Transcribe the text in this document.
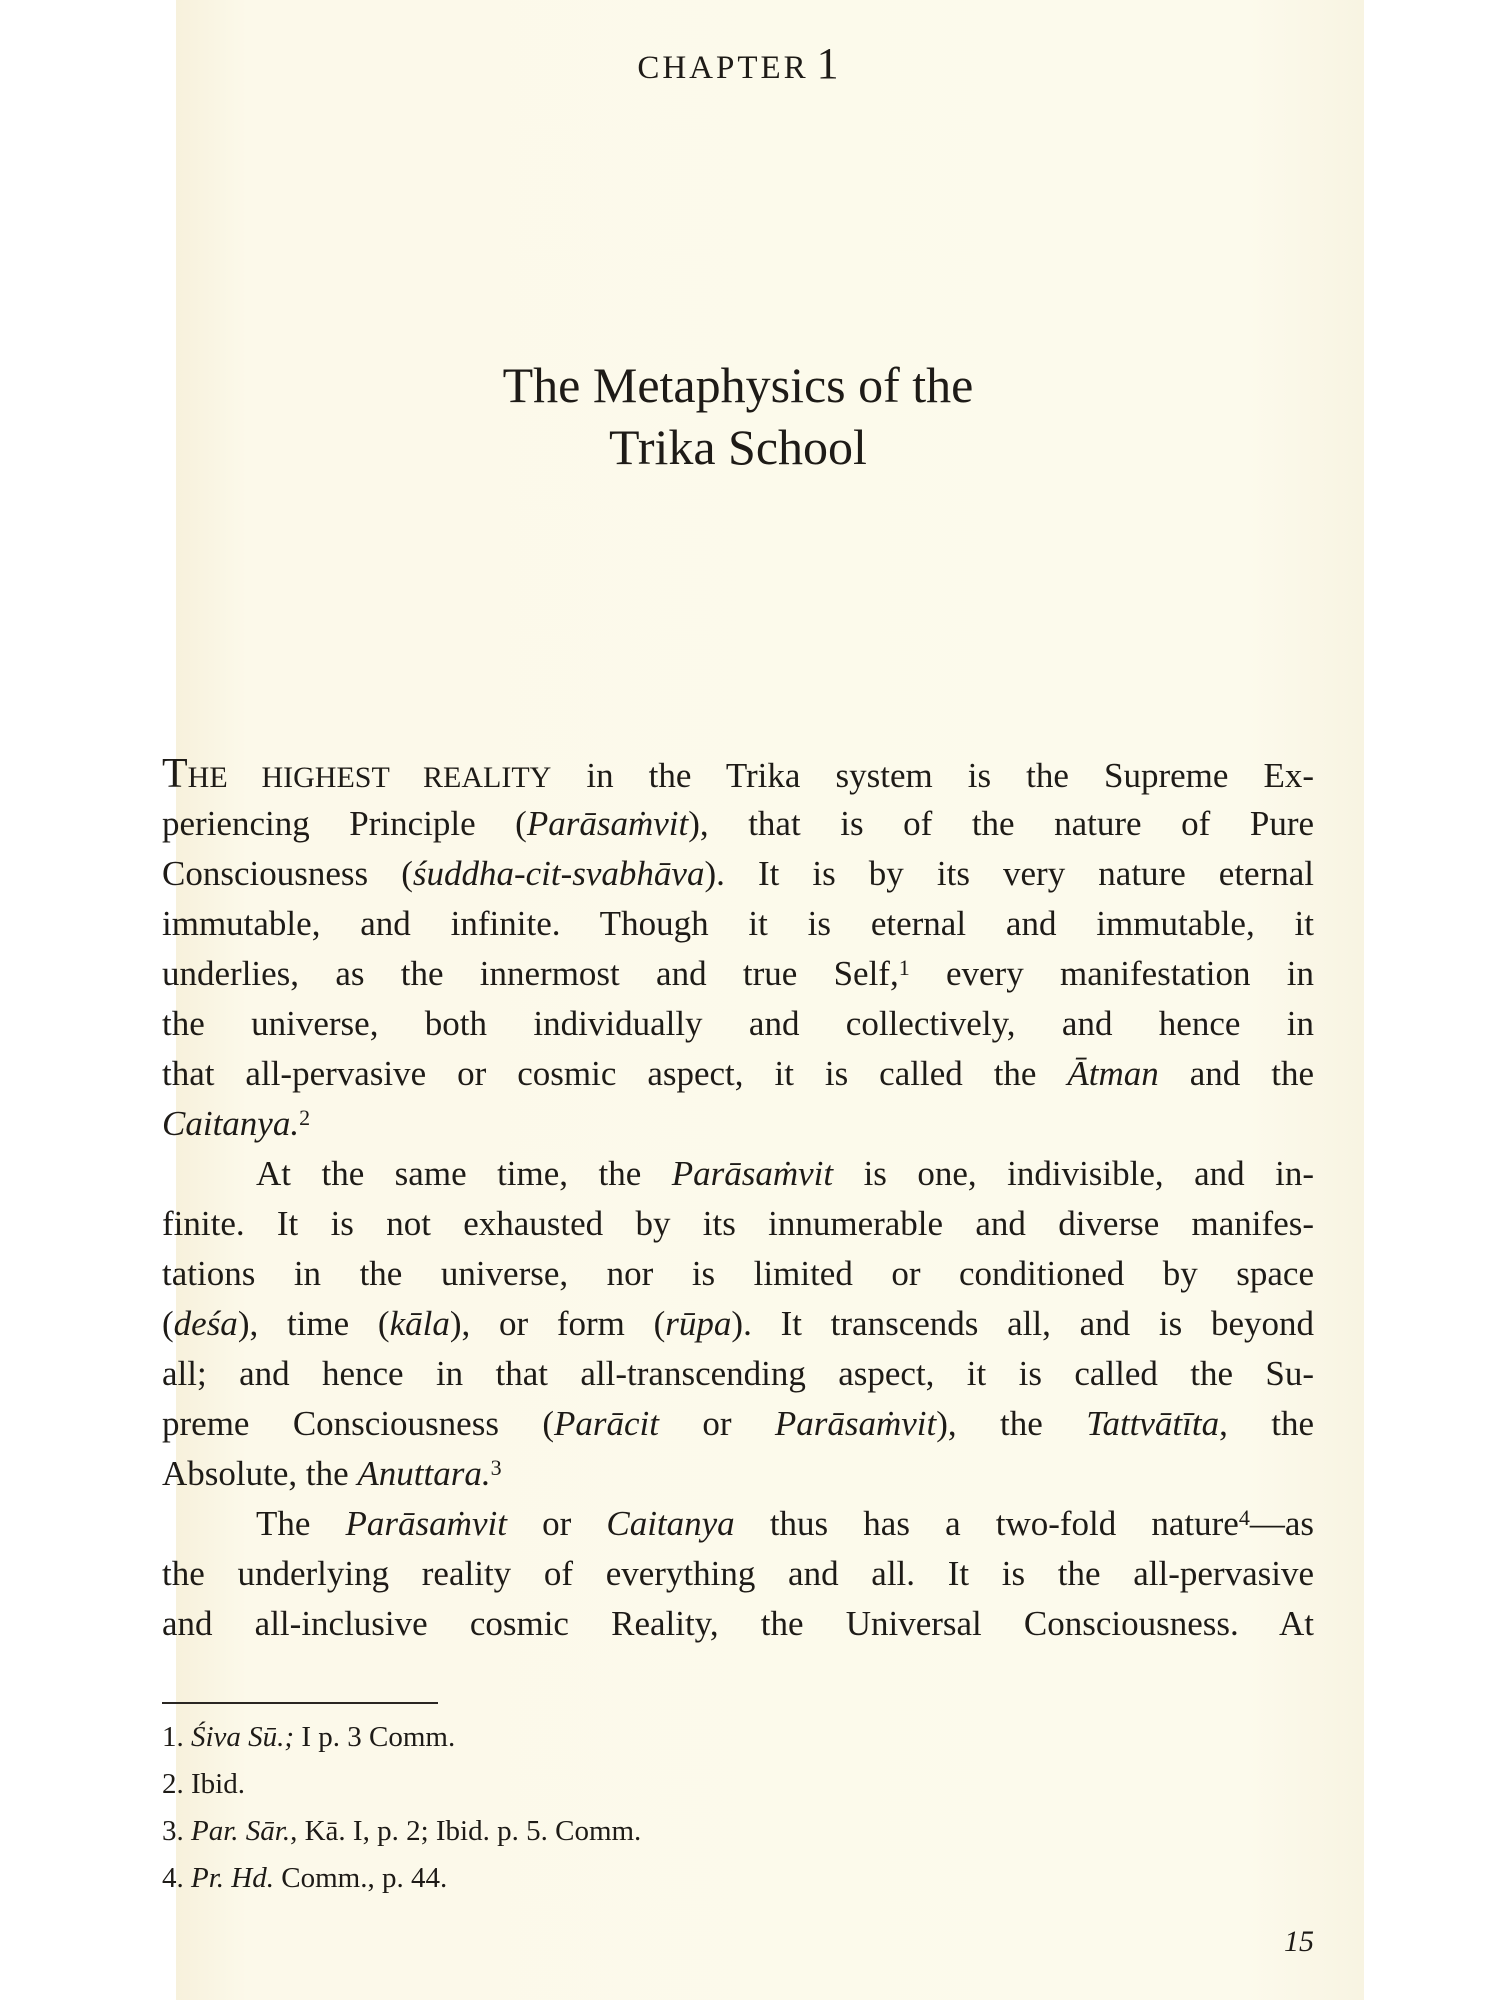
CHAPTER 1
The Metaphysics of the
Trika School
THE HIGHEST REALITY in the Trika system is the Supreme Ex-
periencing Principle (Parāsaṁvit), that is of the nature of Pure
Consciousness (śuddha-cit-svabhāva). It is by its very nature eternal
immutable, and infinite. Though it is eternal and immutable, it
underlies, as the innermost and true Self,$^1$ every manifestation in
the universe, both individually and collectively, and hence in
that all-pervasive or cosmic aspect, it is called the Ātman and the
Caitanya.$^2$
At the same time, the Parāsaṁvit is one, indivisible, and in-
finite. It is not exhausted by its innumerable and diverse manifes-
tations in the universe, nor is limited or conditioned by space
(deśa), time (kāla), or form (rūpa). It transcends all, and is beyond
all; and hence in that all-transcending aspect, it is called the Su-
preme Consciousness (Parācit or Parāsaṁvit), the Tattvātīta, the
Absolute, the Anuttara.$^3$
The Parāsaṁvit or Caitanya thus has a two-fold nature$^4$—as
the underlying reality of everything and all. It is the all-pervasive
and all-inclusive cosmic Reality, the Universal Consciousness. At
1. Śiva Sū.; I p. 3 Comm.
2. Ibid.
3. Par. Sār., Kā. I, p. 2; Ibid. p. 5. Comm.
4. Pr. Hd. Comm., p. 44.
15
